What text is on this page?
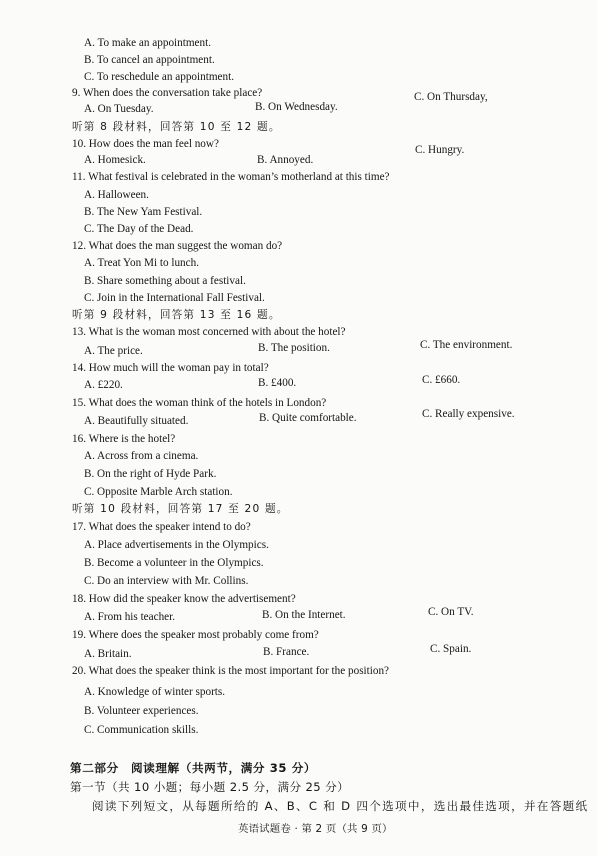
A. To make an appointment.
B. To cancel an appointment.
C. To reschedule an appointment.
9. When does the conversation take place?
A. On Tuesday.	B. On Wednesday.
C. On Thursday,
听第 8 段材料，回答第 10 至 12 题。
10. How does the man feel now?
A. Homesick.	B. Annoyed.
C. Hungry.
11. What festival is celebrated in the woman’s motherland at this time?
A. Halloween.
B. The New Yam Festival.
C. The Day of the Dead.
12. What does the man suggest the woman do?
A. Treat Yon Mi to lunch.
B. Share something about a festival.
C. Join in the International Fall Festival.
听第 9 段材料，回答第 13 至 16 题。
13. What is the woman most concerned with about the hotel?
A. The price.	B. The position.	C. The environment.
14. How much will the woman pay in total?
A. £220.	B. £400.	C. £660.
15. What does the woman think of the hotels in London?
A. Beautifully situated.	B. Quite comfortable.	C. Really expensive.
16. Where is the hotel?
A. Across from a cinema.
B. On the right of Hyde Park.
C. Opposite Marble Arch station.
听第 10 段材料，回答第 17 至 20 题。
17. What does the speaker intend to do?
A. Place advertisements in the Olympics.
B. Become a volunteer in the Olympics.
C. Do an interview with Mr. Collins.
18. How did the speaker know the advertisement?
A. From his teacher.	B. On the Internet.	C. On TV.
19. Where does the speaker most probably come from?
A. Britain.	B. France.	C. Spain.
20. What does the speaker think is the most important for the position?
A. Knowledge of winter sports.
B. Volunteer experiences.
C. Communication skills.
第二部分　阅读理解（共两节，满分 35 分）
第一节（共 10 小题；每小题 2.5 分，满分 25 分）
阅读下列短文，从每题所给的 A、B、C 和 D 四个选项中，选出最佳选项，并在答题纸
英语试题卷 · 第 2 页（共 9 页）
